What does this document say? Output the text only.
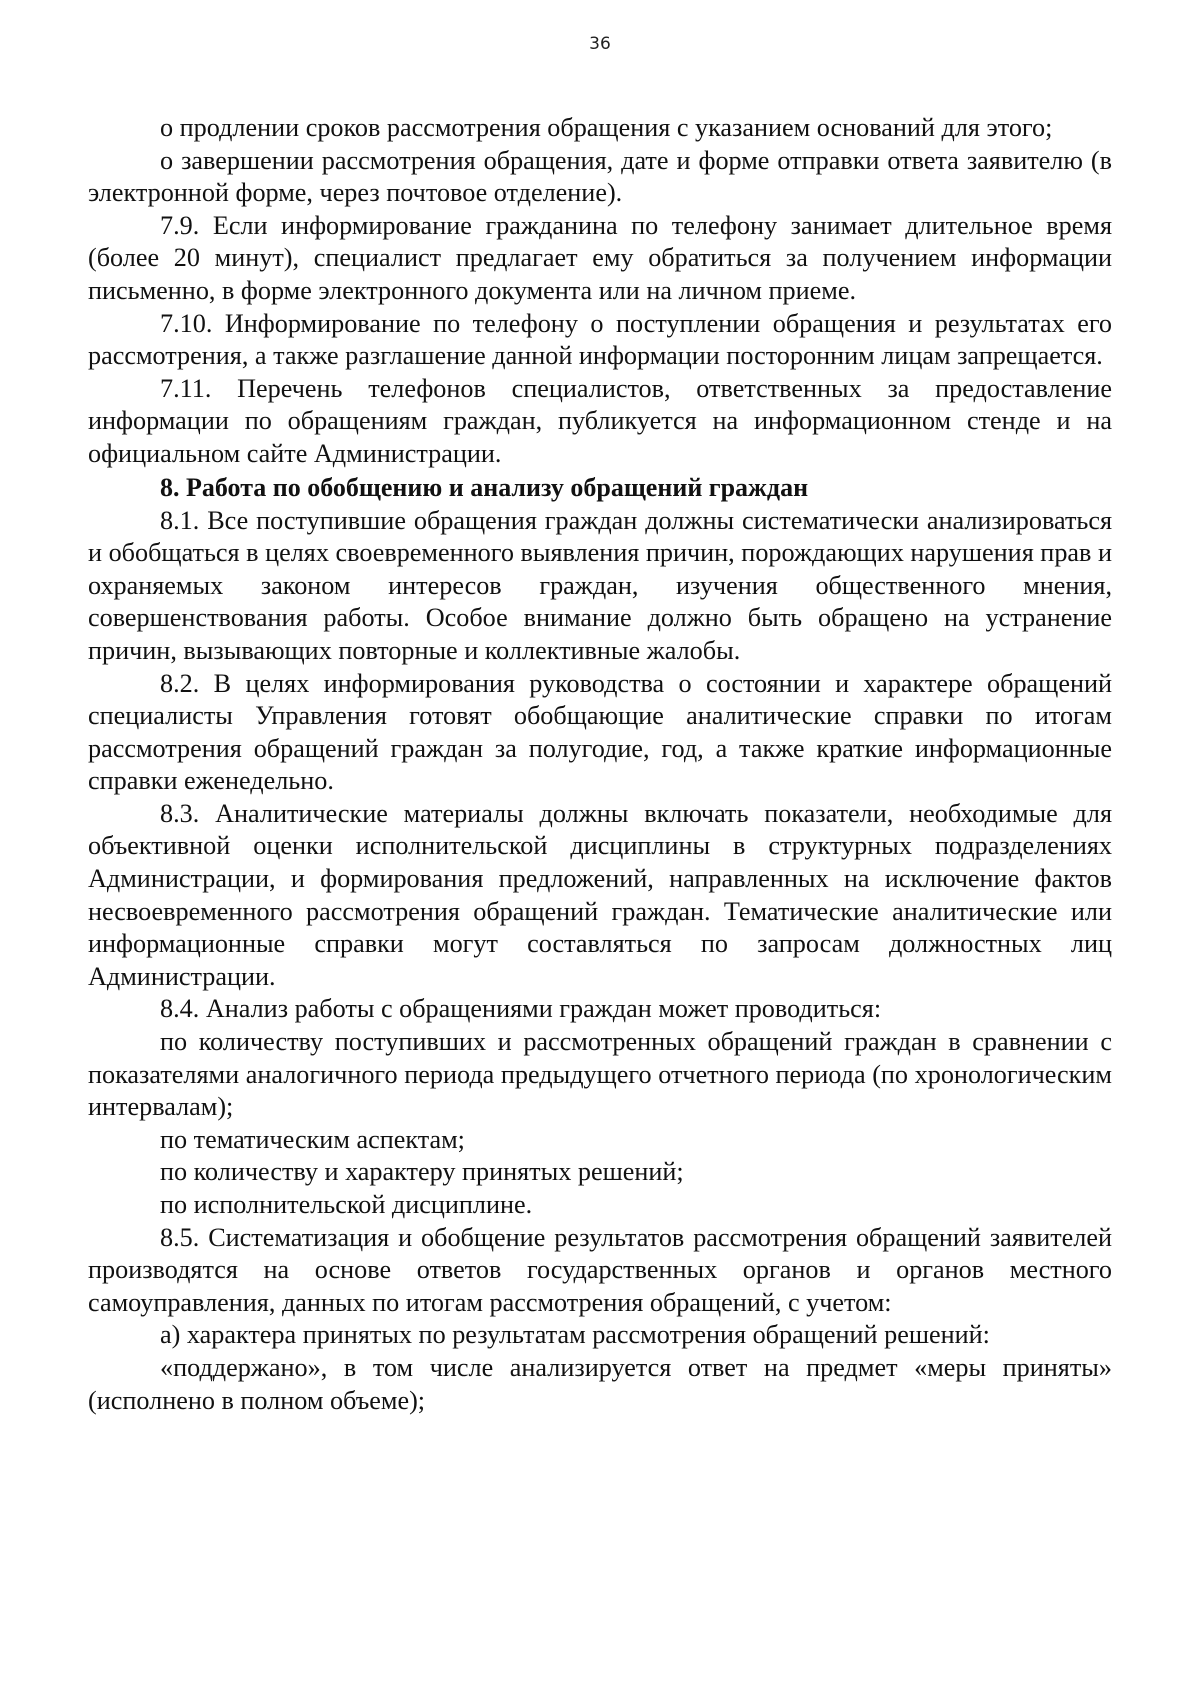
36

о продлении сроков рассмотрения обращения с указанием оснований для этого;

о завершении рассмотрения обращения, дате и форме отправки ответа заявителю (в электронной форме, через почтовое отделение).

7.9. Если информирование гражданина по телефону занимает длительное время (более 20 минут), специалист предлагает ему обратиться за получением информации письменно, в форме электронного документа или на личном приеме.

7.10. Информирование по телефону о поступлении обращения и результатах его рассмотрения, а также разглашение данной информации посторонним лицам запрещается.

7.11. Перечень телефонов специалистов, ответственных за предоставление информации по обращениям граждан, публикуется на информационном стенде и на официальном сайте Администрации.

8. Работа по обобщению и анализу обращений граждан

8.1. Все поступившие обращения граждан должны систематически анализироваться и обобщаться в целях своевременного выявления причин, порождающих нарушения прав и охраняемых законом интересов граждан, изучения общественного мнения, совершенствования работы. Особое внимание должно быть обращено на устранение причин, вызывающих повторные и коллективные жалобы.

8.2. В целях информирования руководства о состоянии и характере обращений специалисты Управления готовят обобщающие аналитические справки по итогам рассмотрения обращений граждан за полугодие, год, а также краткие информационные справки еженедельно.

8.3. Аналитические материалы должны включать показатели, необходимые для объективной оценки исполнительской дисциплины в структурных подразделениях Администрации, и формирования предложений, направленных на исключение фактов несвоевременного рассмотрения обращений граждан. Тематические аналитические или информационные справки могут составляться по запросам должностных лиц Администрации.

8.4. Анализ работы с обращениями граждан может проводиться:

по количеству поступивших и рассмотренных обращений граждан в сравнении с показателями аналогичного периода предыдущего отчетного периода (по хронологическим интервалам);

по тематическим аспектам;

по количеству и характеру принятых решений;

по исполнительской дисциплине.

8.5. Систематизация и обобщение результатов рассмотрения обращений заявителей производятся на основе ответов государственных органов и органов местного самоуправления, данных по итогам рассмотрения обращений, с учетом:

а) характера принятых по результатам рассмотрения обращений решений:

«поддержано», в том числе анализируется ответ на предмет «меры приняты» (исполнено в полном объеме);
